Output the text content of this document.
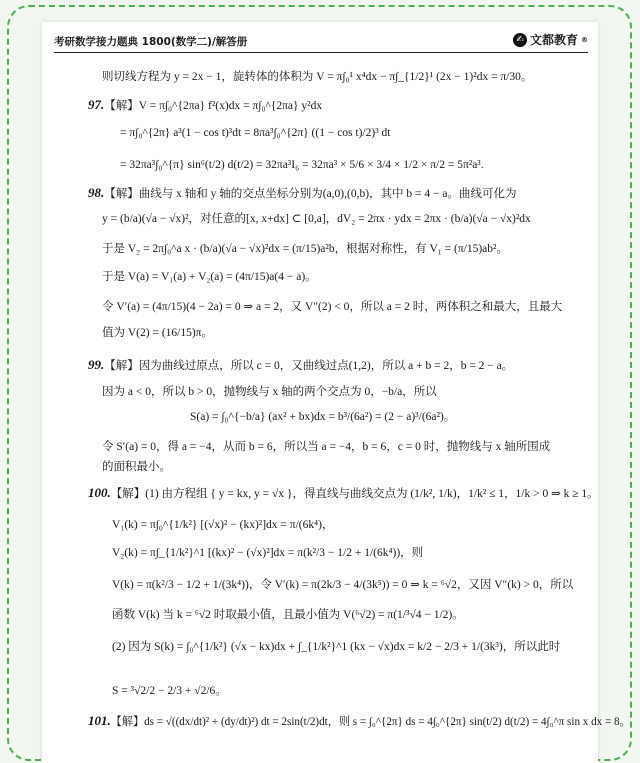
考研数学接力题典 1800(数学二)/解答册	✍ 文都教育 ®
则切线方程为 y = 2x − 1，旋转体的体积为 V = π∫₀¹ x⁴dx − π∫_{1/2}¹ (2x − 1)²dx = π/30。
97.【解】V = π∫₀^{2πa} f²(x)dx = π∫₀^{2πa} y²dx
= π∫₀^{2π} a³(1 − cos t)³dt = 8πa³∫₀^{2π} ((1 − cos t)/2)³ dt
= 32πa³∫₀^{π} sin⁶(t/2) d(t/2) = 32πa³I₆ = 32πa³ × 5/6 × 3/4 × 1/2 × π/2 = 5π²a³.
98.【解】曲线与 x 轴和 y 轴的交点坐标分别为(a,0),(0,b)，其中 b = 4 − a。曲线可化为
y = (b/a)(√a − √x)²，对任意的[x, x+dx] ⊂ [0,a]，dV₂ = 2πx · ydx = 2πx · (b/a)(√a − √x)²dx
于是 V₂ = 2π∫₀^a x · (b/a)(√a − √x)²dx = (π/15)a²b，根据对称性，有 V₁ = (π/15)ab²。
于是 V(a) = V₁(a) + V₂(a) = (4π/15)a(4 − a)。
令 V′(a) = (4π/15)(4 − 2a) = 0 ⇒ a = 2，又 V″(2) < 0，所以 a = 2 时，两体积之和最大，且最大
值为 V(2) = (16/15)π。
99.【解】因为曲线过原点，所以 c = 0，又曲线过点(1,2)，所以 a + b = 2，b = 2 − a。
因为 a < 0，所以 b > 0，抛物线与 x 轴的两个交点为 0，−b/a，所以
S(a) = ∫₀^{−b/a} (ax² + bx)dx = b³/(6a²) = (2 − a)³/(6a²)。
令 S′(a) = 0，得 a = −4，从而 b = 6，所以当 a = −4，b = 6，c = 0 时，抛物线与 x 轴所围成
的面积最小。
100.【解】(1) 由方程组 { y = kx, y = √x }，得直线与曲线交点为 (1/k², 1/k)，1/k² ≤ 1，1/k > 0 ⇒ k ≥ 1。
V₁(k) = π∫₀^{1/k²} [(√x)² − (kx)²]dx = π/(6k⁴)，
V₂(k) = π∫_{1/k²}^1 [(kx)² − (√x)²]dx = π(k²/3 − 1/2 + 1/(6k⁴))，则
V(k) = π(k²/3 − 1/2 + 1/(3k⁴))，令 V′(k) = π(2k/3 − 4/(3k⁵)) = 0 ⇒ k = ⁶√2，又因 V″(k) > 0，所以
函数 V(k) 当 k = ⁶√2 时取最小值，且最小值为 V(⁶√2) = π(1/³√4 − 1/2)。
(2) 因为 S(k) = ∫₀^{1/k²} (√x − kx)dx + ∫_{1/k²}^1 (kx − √x)dx = k/2 − 2/3 + 1/(3k³)，所以此时
S = ³√2/2 − 2/3 + √2/6。
101.【解】ds = √((dx/dt)² + (dy/dt)²) dt = 2sin(t/2)dt，则 s = ∫₀^{2π} ds = 4∫₀^{2π} sin(t/2) d(t/2) = 4∫₀^π sin x dx = 8。
